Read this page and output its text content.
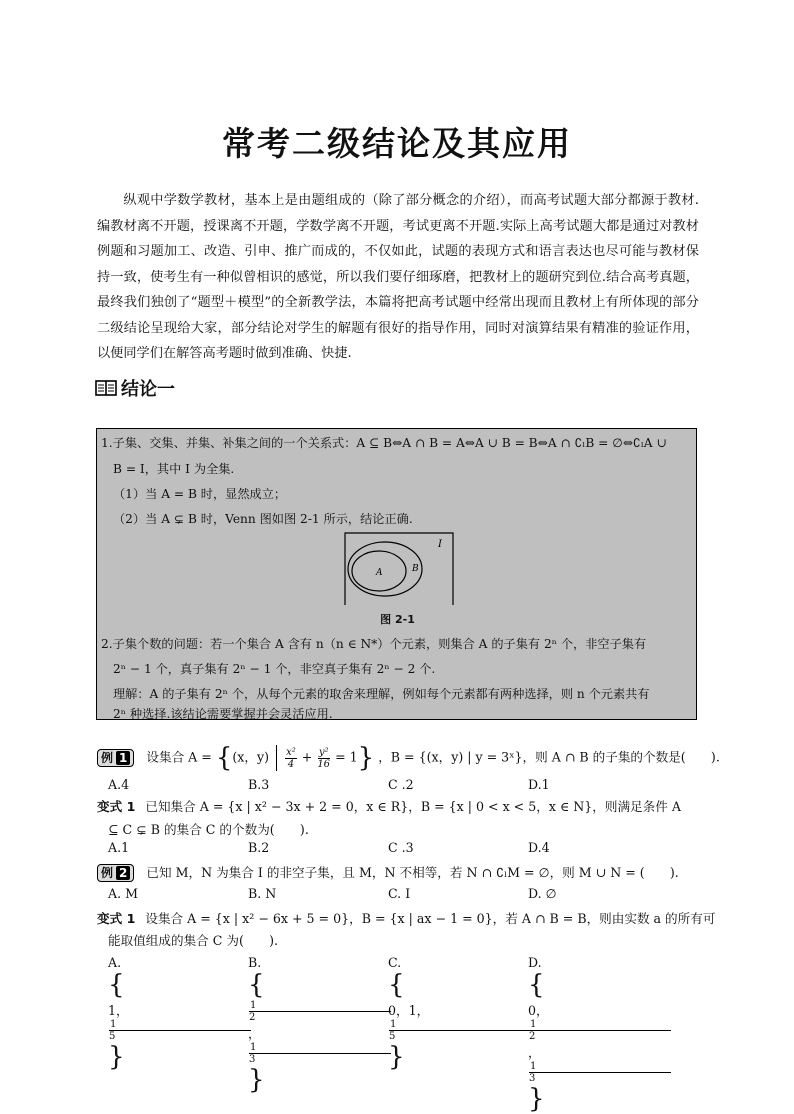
常考二级结论及其应用

纵观中学数学教材，基本上是由题组成的（除了部分概念的介绍），而高考试题大部分都源于教材.编教材离不开题，授课离不开题，学数学离不开题，考试更离不开题.实际上高考试题大都是通过对教材例题和习题加工、改造、引申、推广而成的，不仅如此，试题的表现方式和语言表达也尽可能与教材保持一致，使考生有一种似曾相识的感觉，所以我们要仔细琢磨，把教材上的题研究到位.结合高考真题，最终我们独创了“题型＋模型”的全新教学法，本篇将把高考试题中经常出现而且教材上有所体现的部分二级结论呈现给大家，部分结论对学生的解题有很好的指导作用，同时对演算结果有精准的验证作用，以便同学们在解答高考题时做到准确、快捷.

结论一
1.子集、交集、并集、补集之间的一个关系式：A ⊆ B⇔A ∩ B = A⇔A ∪ B = B⇔A ∩ ∁ₗB = ∅⇔∁ₗA ∪
B = I，其中 I 为全集.
（1）当 A = B 时，显然成立；
（2）当 A ⊊ B 时，Venn 图如图 2-1 所示，结论正确.
I
A	B
图 2-1
2.子集个数的问题：若一个集合 A 含有 n（n ∈ N*）个元素，则集合 A 的子集有 2ⁿ 个，非空子集有
2ⁿ − 1 个，真子集有 2ⁿ − 1 个，非空真子集有 2ⁿ − 2 个.
理解：A 的子集有 2ⁿ 个，从每个元素的取舍来理解，例如每个元素都有两种选择，则 n 个元素共有
2ⁿ 种选择.该结论需要掌握并会灵活应用.
例 1 设集合 A = {(x，$y) \frac{\text{x²}}{4} + \frac{\text{y²}}{16} = 1$} ，B = {(x，y) | y = 3ˣ}，则 A ∩ B 的子集的个数是(　　).
A.4	B.3	C .2	D.1
变式 1 已知集合 A = {x | x² − 3x + 2 = 0，x ∈ R}，B = {x | 0 < x < 5，x ∈ N}，则满足条件 A
⊆ C ⊊ B 的集合 C 的个数为(　　).
A.1	B.2	C .3	D.4
例 2 已知 M，N 为集合 I 的非空子集，且 M，N 不相等，若 N ∩ ∁ₗM = ∅，则 M ∪ N = (　　).
A. M	B. N	C. I	D. ∅
变式 1 设集合 A = {x | x² − 6x + 5 = 0}，B = {x | ax − 1 = 0}，若 A ∩ B = B，则由实数 a 的所有可
能取值组成的集合 C 为(　　).
A.{1，$\frac{1}{5}$}
$B.\{\frac{1}{2}$，$\frac{1}{3}$}
C.{0，1，$\frac{1}{5}$}
D.{0，$\frac{1}{2}$，$\frac{1}{3}$}
